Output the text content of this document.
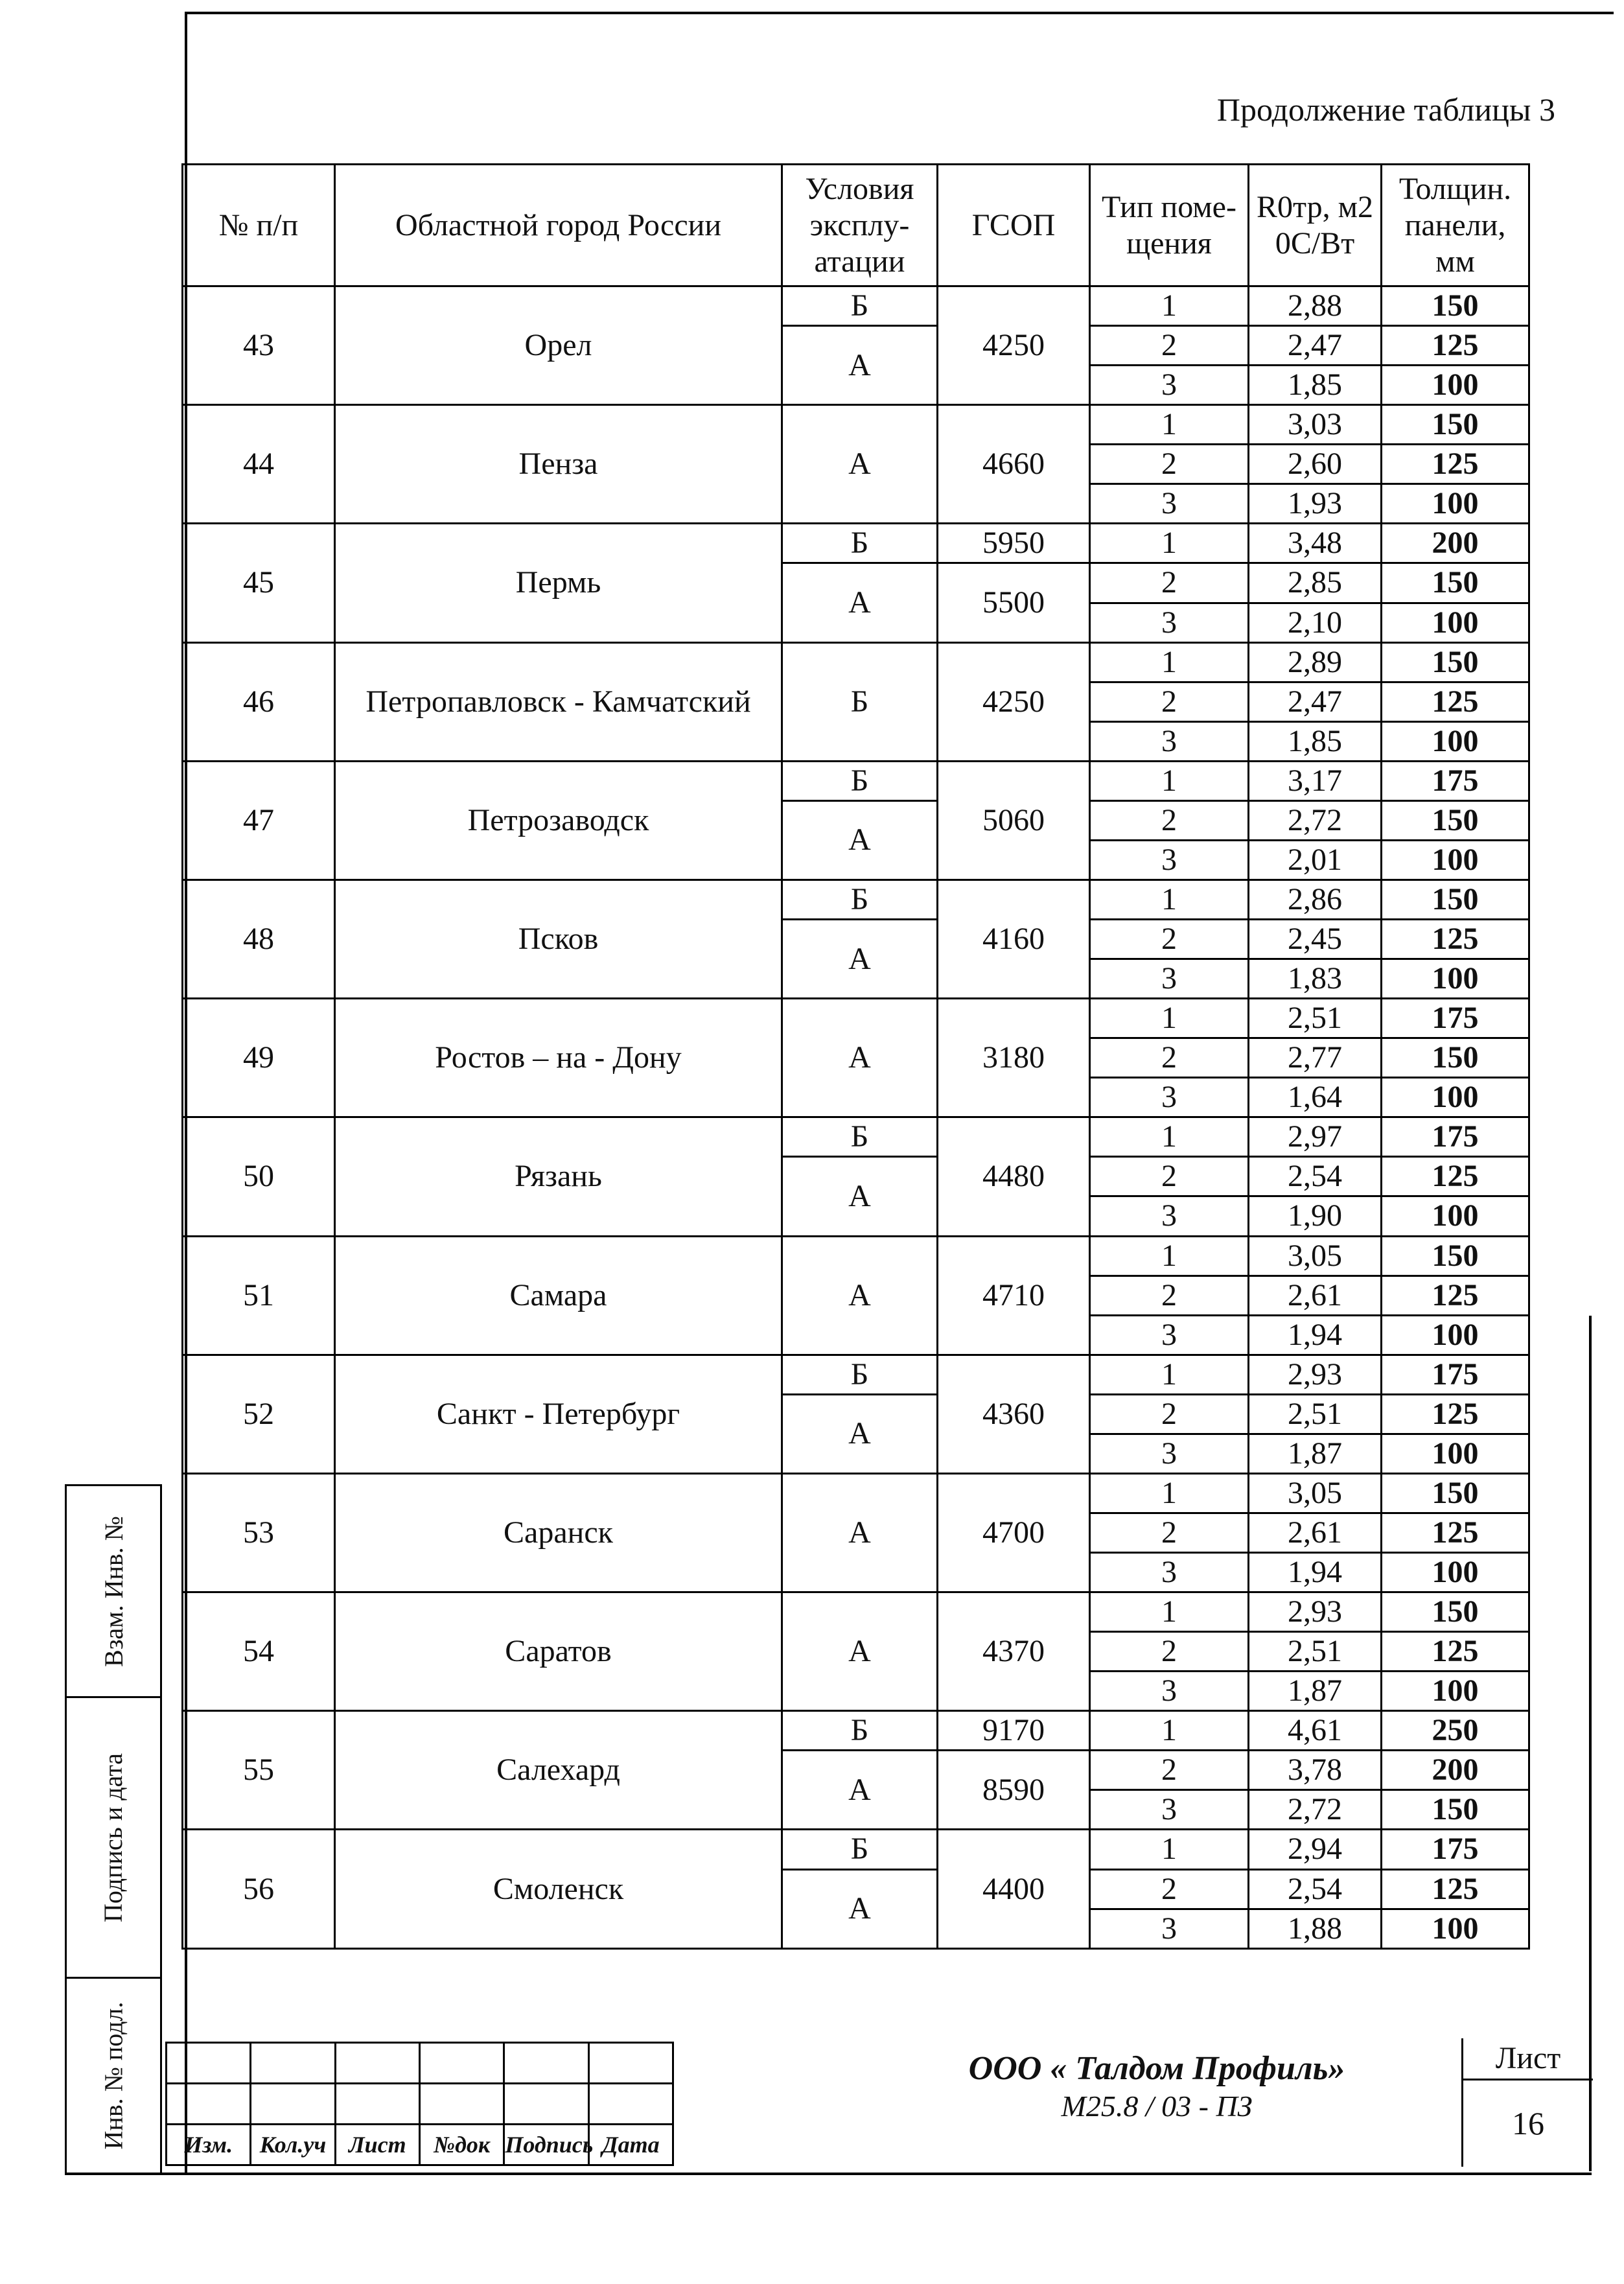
Продолжение таблицы 3
№ п/п	Областной город России	Условия эксплу-атации	ГСОП	Тип поме-щения	R0тр, м2 0С/Вт	Толщин. панели, мм
43	Орел	Б	4250	1	2,88	150
		А		2	2,47	125
				3	1,85	100
44	Пенза	А	4660	1	3,03	150
				2	2,60	125
				3	1,93	100
45	Пермь	Б	5950	1	3,48	200
		А	5500	2	2,85	150
				3	2,10	100
46	Петропавловск - Камчатский	Б	4250	1	2,89	150
				2	2,47	125
				3	1,85	100
47	Петрозаводск	Б	5060	1	3,17	175
		А		2	2,72	150
				3	2,01	100
48	Псков	Б	4160	1	2,86	150
		А		2	2,45	125
				3	1,83	100
49	Ростов – на - Дону	А	3180	1	2,51	175
				2	2,77	150
				3	1,64	100
50	Рязань	Б	4480	1	2,97	175
		А		2	2,54	125
				3	1,90	100
51	Самара	А	4710	1	3,05	150
				2	2,61	125
				3	1,94	100
52	Санкт - Петербург	Б	4360	1	2,93	175
		А		2	2,51	125
				3	1,87	100
53	Саранск	А	4700	1	3,05	150
				2	2,61	125
				3	1,94	100
54	Саратов	А	4370	1	2,93	150
				2	2,51	125
				3	1,87	100
55	Салехард	Б	9170	1	4,61	250
		А	8590	2	3,78	200
				3	2,72	150
56	Смоленск	Б	4400	1	2,94	175
		А		2	2,54	125
				3	1,88	100
Взам. Инв. №
Подпись и дата
Инв. № подл.

					Изм.	Кол.уч	Лист	№док	Подпись	Дата
ООО « Талдом Профиль»
М25.8 / 03 - ПЗ
Лист
16
